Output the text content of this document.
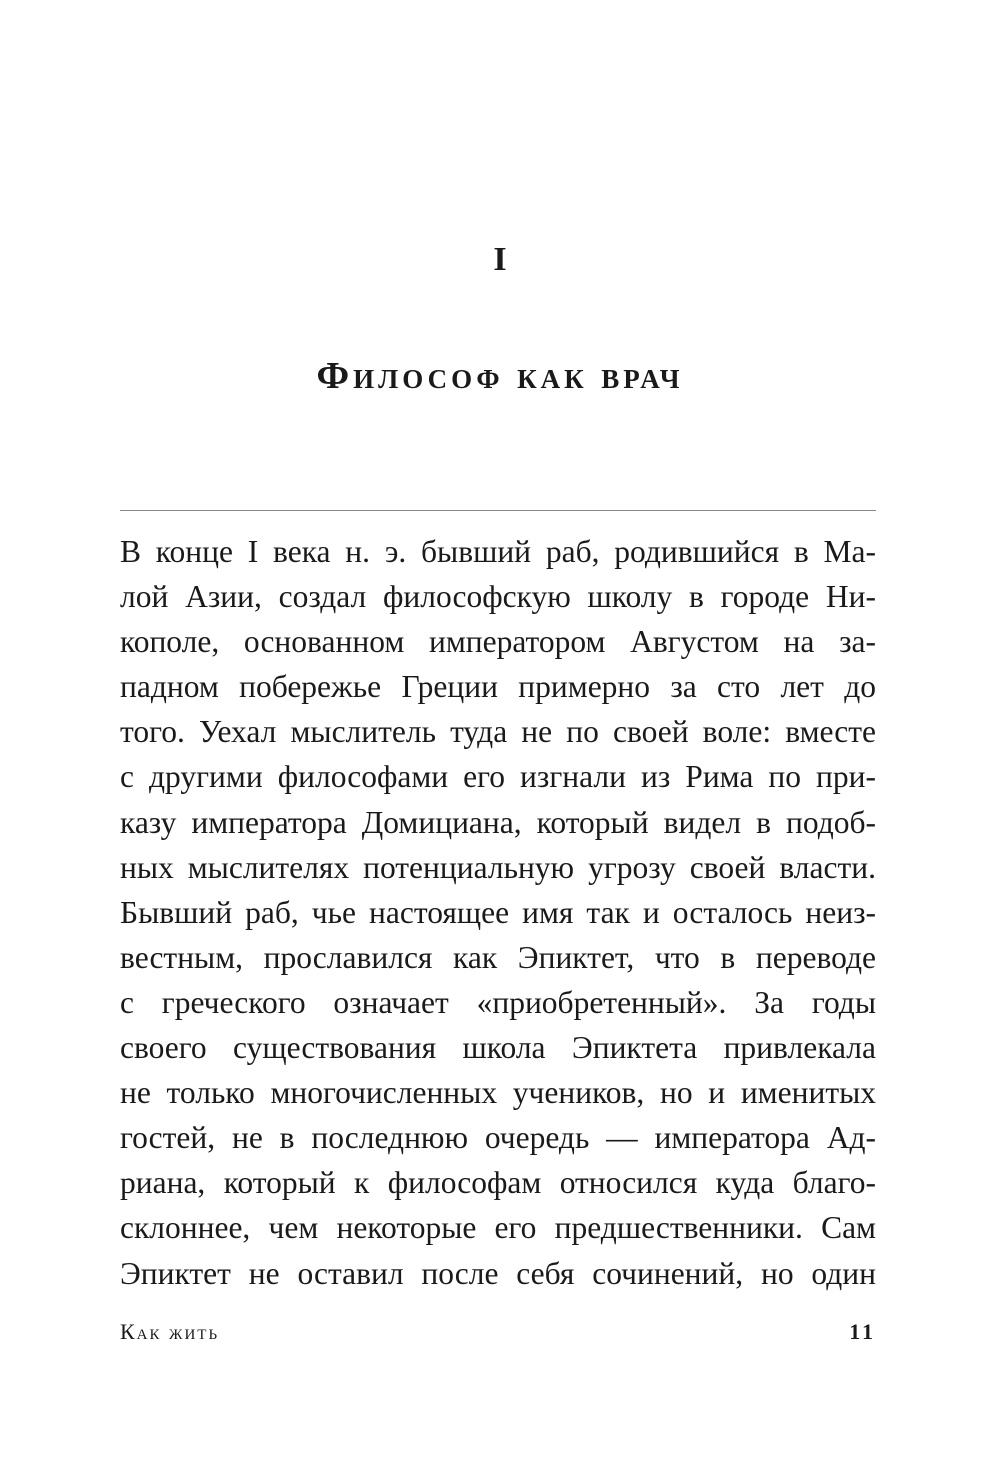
I
Философ как врач
В конце I века н. э. бывший раб, родившийся в Ма-
лой Азии, создал философскую школу в городе Ни-
кополе, основанном императором Августом на за-
падном побережье Греции примерно за сто лет до
того. Уехал мыслитель туда не по своей воле: вместе
с другими философами его изгнали из Рима по при-
казу императора Домициана, который видел в подоб-
ных мыслителях потенциальную угрозу своей власти.
Бывший раб, чье настоящее имя так и осталось неиз-
вестным, прославился как Эпиктет, что в переводе
с греческого означает «приобретенный». За годы
своего существования школа Эпиктета привлекала
не только многочисленных учеников, но и именитых
гостей, не в последнюю очередь — императора Ад-
риана, который к философам относился куда благо-
склоннее, чем некоторые его предшественники. Сам
Эпиктет не оставил после себя сочинений, но один
Как жить	11
